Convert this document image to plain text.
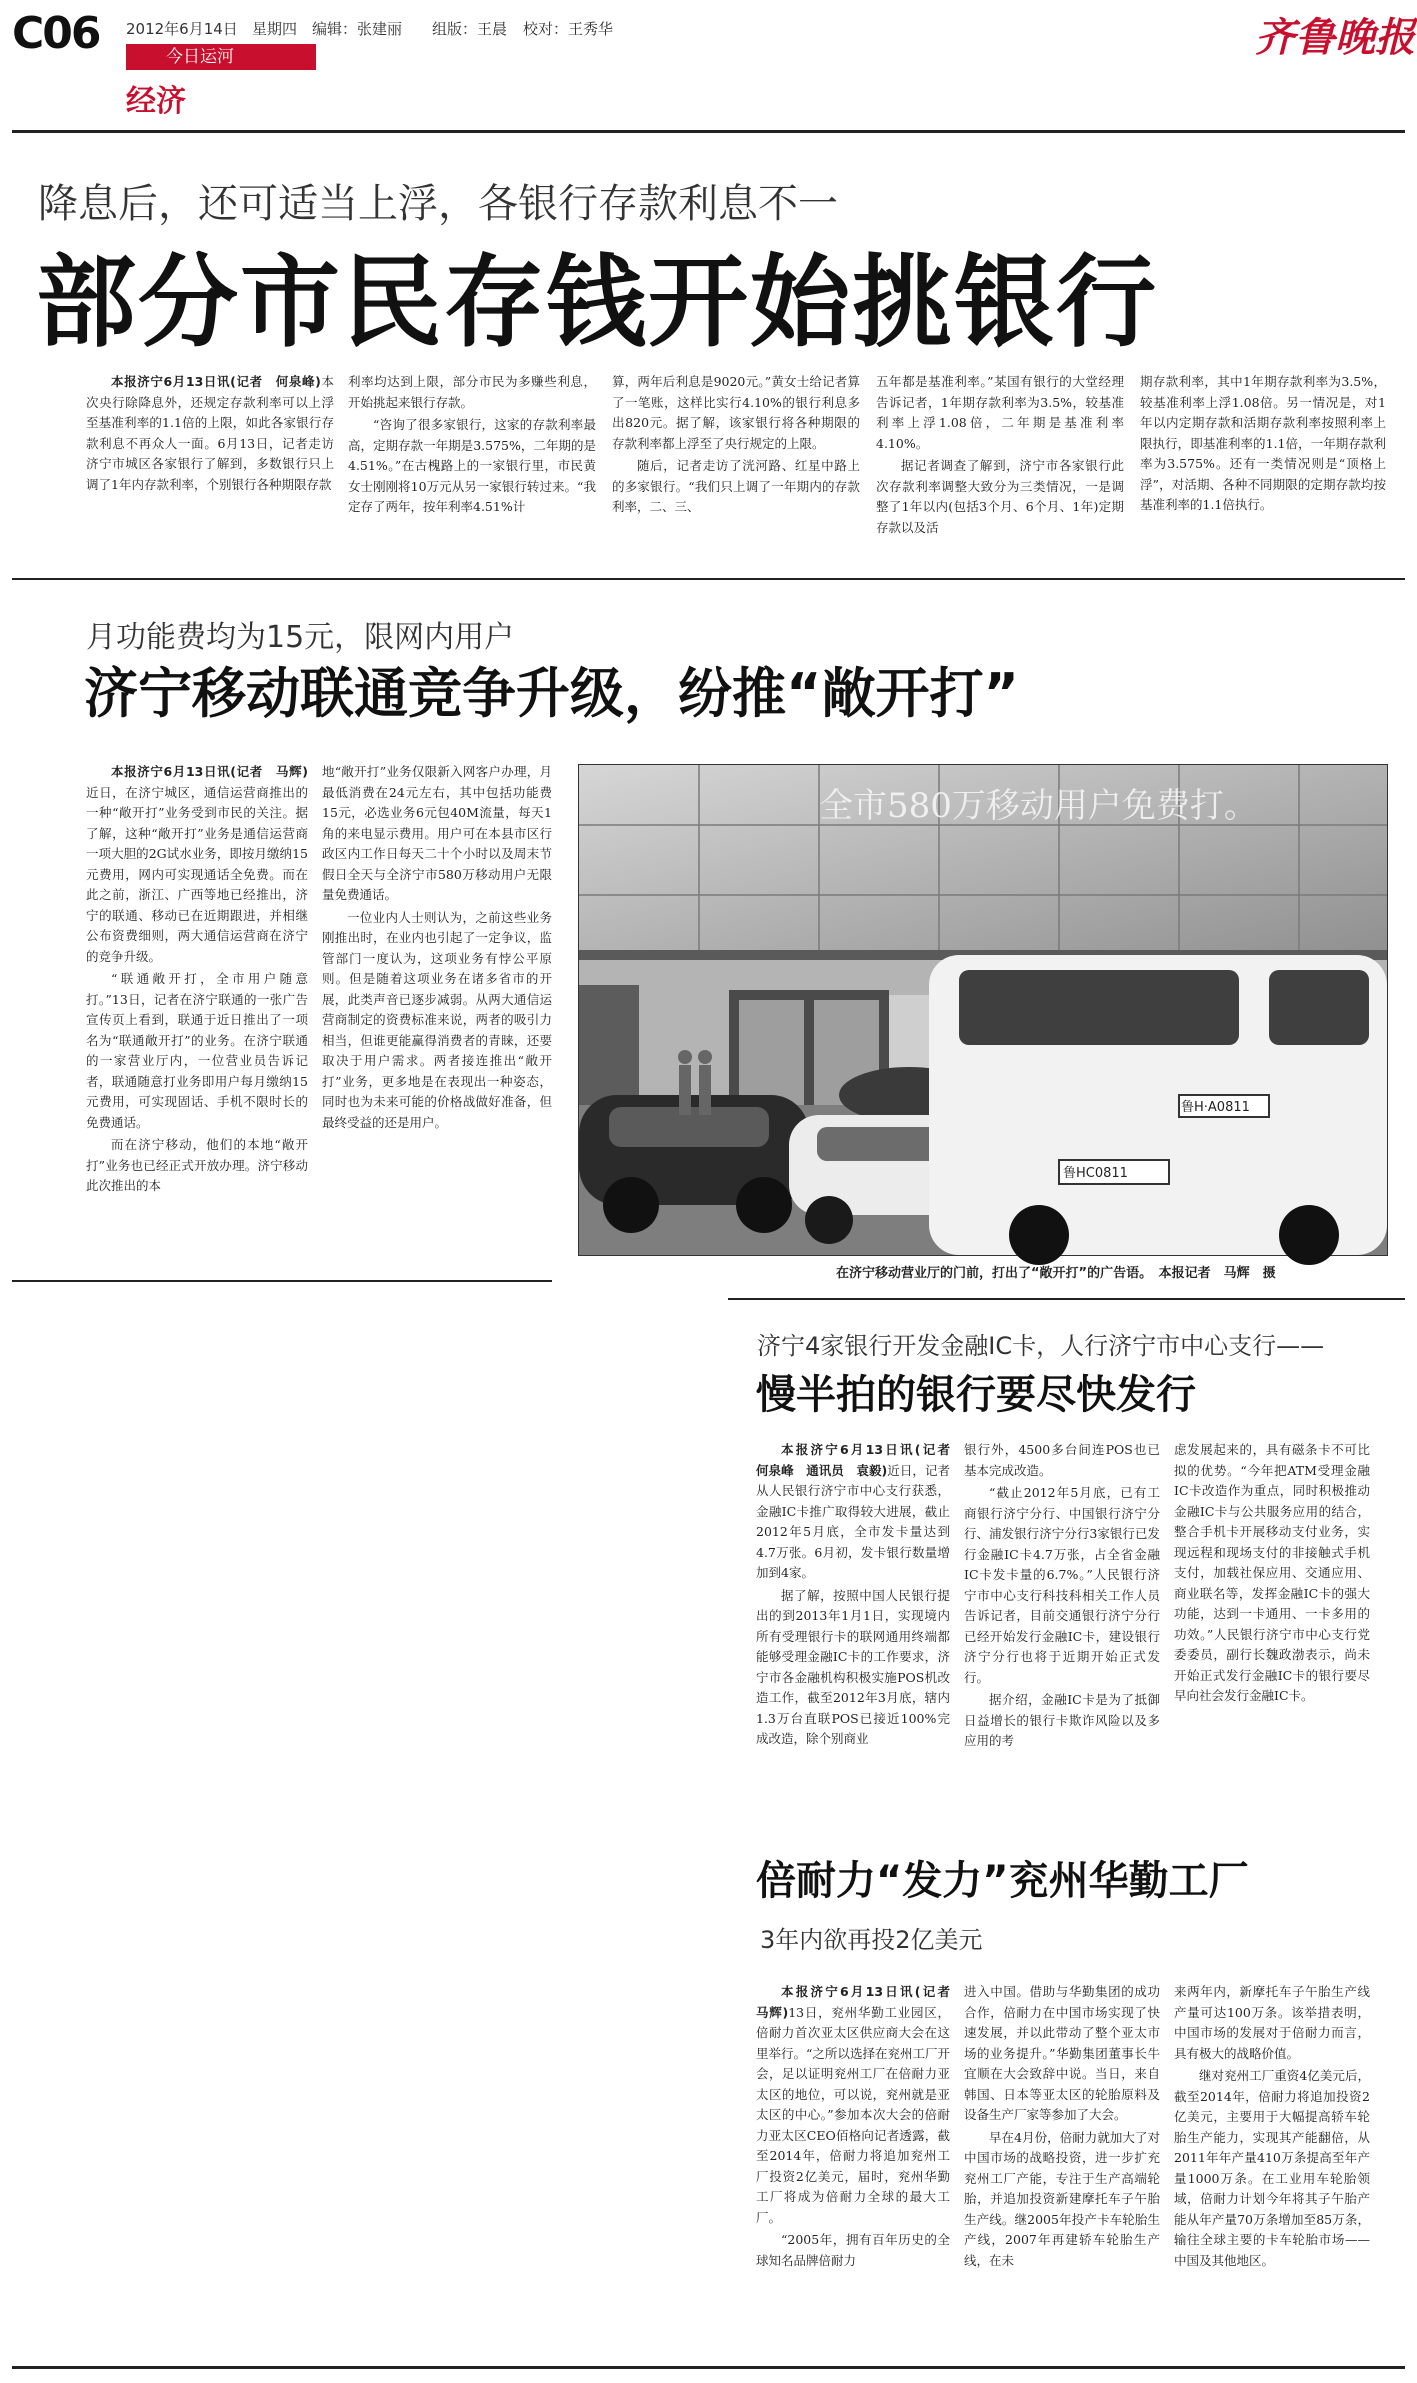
C06 2012年6月14日 星期四 编辑：张建丽 组版：王晨 校对：王秀华
今日运河
经济
齐鲁晚报
降息后，还可适当上浮，各银行存款利息不一
部分市民存钱开始挑银行

本报济宁6月13日讯(记者　何泉峰)本次央行除降息外，还规定存款利率可以上浮至基准利率的1.1倍的上限，如此各家银行存款利息不再众人一面。6月13日，记者走访济宁市城区各家银行了解到，多数银行只上调了1年内存款利率，个别银行各种期限存款

利率均达到上限，部分市民为多赚些利息，开始挑起来银行存款。

“咨询了很多家银行，这家的存款利率最高，定期存款一年期是3.575%，二年期的是4.51%。”在古槐路上的一家银行里，市民黄女士刚刚将10万元从另一家银行转过来。“我定存了两年，按年利率4.51%计

算，两年后利息是9020元。”黄女士给记者算了一笔账，这样比实行4.10%的银行利息多出820元。据了解，该家银行将各种期限的存款利率都上浮至了央行规定的上限。

随后，记者走访了洸河路、红星中路上的多家银行。“我们只上调了一年期内的存款利率，二、三、

五年都是基准利率。”某国有银行的大堂经理告诉记者，1年期存款利率为3.5%，较基准利率上浮1.08倍，二年期是基准利率4.10%。

据记者调查了解到，济宁市各家银行此次存款利率调整大致分为三类情况，一是调整了1年以内(包括3个月、6个月、1年)定期存款以及活

期存款利率，其中1年期存款利率为3.5%，较基准利率上浮1.08倍。另一情况是，对1年以内定期存款和活期存款利率按照利率上限执行，即基准利率的1.1倍，一年期存款利率为3.575%。还有一类情况则是“顶格上浮”，对活期、各种不同期限的定期存款均按基准利率的1.1倍执行。

月功能费均为15元，限网内用户
济宁移动联通竞争升级，纷推“敞开打”

本报济宁6月13日讯(记者　马辉)近日，在济宁城区，通信运营商推出的一种“敞开打”业务受到市民的关注。据了解，这种“敞开打”业务是通信运营商一项大胆的2G试水业务，即按月缴纳15元费用，网内可实现通话全免费。而在此之前，浙江、广西等地已经推出，济宁的联通、移动已在近期跟进，并相继公布资费细则，两大通信运营商在济宁的竞争升级。

“联通敞开打，全市用户随意打。”13日，记者在济宁联通的一张广告宣传页上看到，联通于近日推出了一项名为“联通敞开打”的业务。在济宁联通的一家营业厅内，一位营业员告诉记者，联通随意打业务即用户每月缴纳15元费用，可实现固话、手机不限时长的免费通话。

而在济宁移动，他们的本地“敞开打”业务也已经正式开放办理。济宁移动此次推出的本

地“敞开打”业务仅限新入网客户办理，月最低消费在24元左右，其中包括功能费15元，必选业务6元包40M流量，每天1角的来电显示费用。用户可在本县市区行政区内工作日每天二十个小时以及周末节假日全天与全济宁市580万移动用户无限量免费通话。

一位业内人士则认为，之前这些业务刚推出时，在业内也引起了一定争议，监管部门一度认为，这项业务有悖公平原则。但是随着这项业务在诸多省市的开展，此类声音已逐步减弱。从两大通信运营商制定的资费标准来说，两者的吸引力相当，但谁更能赢得消费者的青睐，还要取决于用户需求。两者接连推出“敞开打”业务，更多地是在表现出一种姿态，同时也为未来可能的价格战做好准备，但最终受益的还是用户。

全市580万移动用户免费打。
鲁H·A0811
鲁HC0811
在济宁移动营业厅的门前，打出了“敞开打”的广告语。　本报记者　马辉　摄
济宁4家银行开发金融IC卡，人行济宁市中心支行——
慢半拍的银行要尽快发行

本报济宁6月13日讯(记者　何泉峰　通讯员　袁毅)近日，记者从人民银行济宁市中心支行获悉，金融IC卡推广取得较大进展，截止2012年5月底，全市发卡量达到4.7万张。6月初，发卡银行数量增加到4家。

据了解，按照中国人民银行提出的到2013年1月1日，实现境内所有受理银行卡的联网通用终端都能够受理金融IC卡的工作要求，济宁市各金融机构积极实施POS机改造工作，截至2012年3月底，辖内1.3万台直联POS已接近100%完成改造，除个别商业

银行外，4500多台间连POS也已基本完成改造。

“截止2012年5月底，已有工商银行济宁分行、中国银行济宁分行、浦发银行济宁分行3家银行已发行金融IC卡4.7万张，占全省金融IC卡发卡量的6.7%。”人民银行济宁市中心支行科技科相关工作人员告诉记者，目前交通银行济宁分行已经开始发行金融IC卡，建设银行济宁分行也将于近期开始正式发行。

据介绍，金融IC卡是为了抵御日益增长的银行卡欺诈风险以及多应用的考

虑发展起来的，具有磁条卡不可比拟的优势。“今年把ATM受理金融IC卡改造作为重点，同时积极推动金融IC卡与公共服务应用的结合，整合手机卡开展移动支付业务，实现远程和现场支付的非接触式手机支付，加载社保应用、交通应用、商业联名等，发挥金融IC卡的强大功能，达到一卡通用、一卡多用的功效。”人民银行济宁市中心支行党委委员，副行长魏政渤表示，尚未开始正式发行金融IC卡的银行要尽早向社会发行金融IC卡。

倍耐力“发力”兖州华勤工厂
3年内欲再投2亿美元

本报济宁6月13日讯(记者　马辉)13日，兖州华勤工业园区，倍耐力首次亚太区供应商大会在这里举行。“之所以选择在兖州工厂开会，足以证明兖州工厂在倍耐力亚太区的地位，可以说，兖州就是亚太区的中心。”参加本次大会的倍耐力亚太区CEO佰格向记者透露，截至2014年，倍耐力将追加兖州工厂投资2亿美元，届时，兖州华勤工厂将成为倍耐力全球的最大工厂。

“2005年，拥有百年历史的全球知名品牌倍耐力

进入中国。借助与华勤集团的成功合作，倍耐力在中国市场实现了快速发展，并以此带动了整个亚太市场的业务提升。”华勤集团董事长牛宜顺在大会致辞中说。当日，来自韩国、日本等亚太区的轮胎原料及设备生产厂家等参加了大会。

早在4月份，倍耐力就加大了对中国市场的战略投资，进一步扩充兖州工厂产能，专注于生产高端轮胎，并追加投资新建摩托车子午胎生产线。继2005年投产卡车轮胎生产线，2007年再建轿车轮胎生产线，在未

来两年内，新摩托车子午胎生产线产量可达100万条。该举措表明，中国市场的发展对于倍耐力而言，具有极大的战略价值。

继对兖州工厂重资4亿美元后，截至2014年，倍耐力将追加投资2亿美元，主要用于大幅提高轿车轮胎生产能力，实现其产能翻倍，从2011年年产量410万条提高至年产量1000万条。在工业用车轮胎领域，倍耐力计划今年将其子午胎产能从年产量70万条增加至85万条，输往全球主要的卡车轮胎市场——中国及其他地区。
